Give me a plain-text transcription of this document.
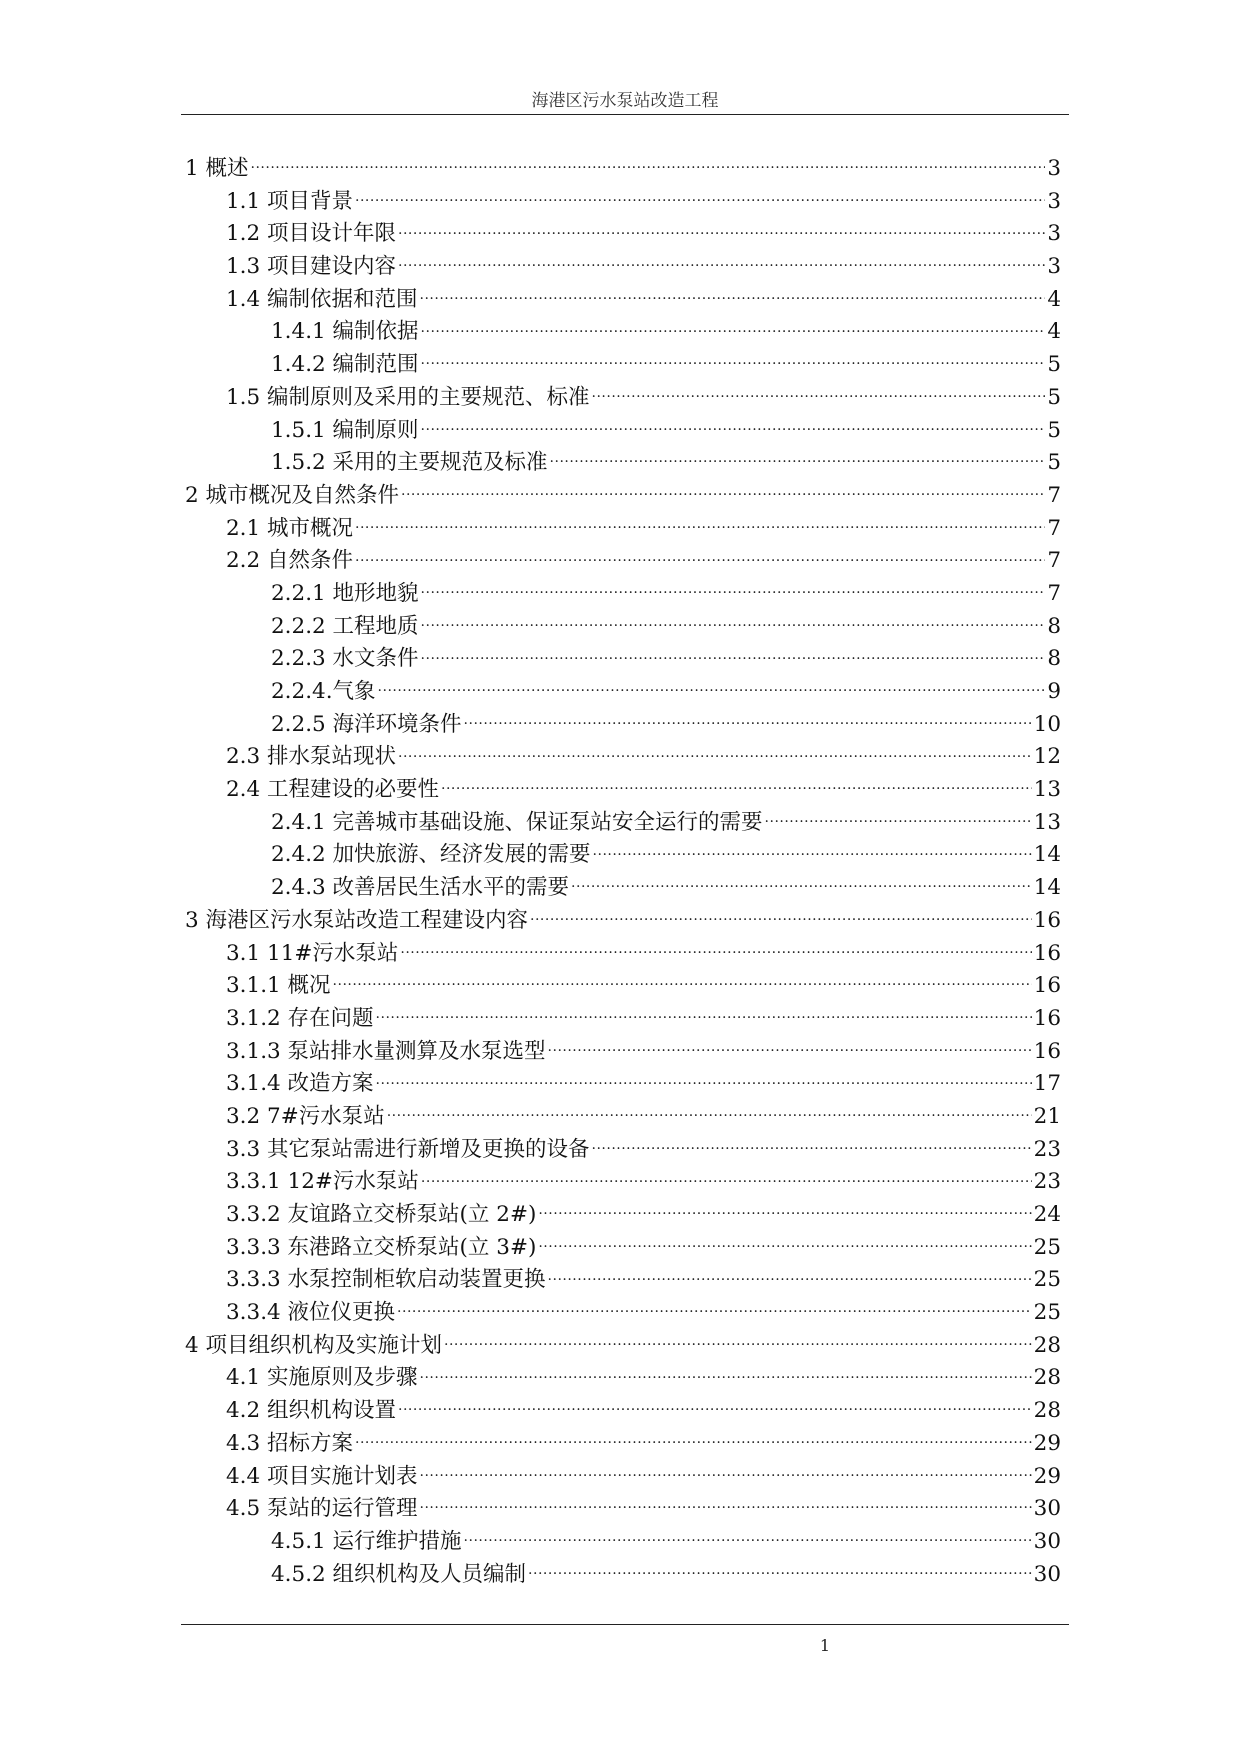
海港区污水泵站改造工程
1 概述 .....	3
1.1 项目背景 .....	3
1.2 项目设计年限 .....	3
1.3 项目建设内容 .....	3
1.4 编制依据和范围 .....	4
1.4.1 编制依据 .....	4
1.4.2 编制范围 .....	5
1.5 编制原则及采用的主要规范、标准 .....	5
1.5.1 编制原则 .....	5
1.5.2 采用的主要规范及标准 .....	5
2 城市概况及自然条件 .....	7
2.1 城市概况 .....	7
2.2 自然条件 .....	7
2.2.1 地形地貌 .....	7
2.2.2 工程地质 .....	8
2.2.3 水文条件 .....	8
2.2.4.气象 .....	9
2.2.5 海洋环境条件 .....	10
2.3 排水泵站现状 .....	12
2.4 工程建设的必要性 .....	13
2.4.1 完善城市基础设施、保证泵站安全运行的需要 .....	13
2.4.2 加快旅游、经济发展的需要 .....	14
2.4.3 改善居民生活水平的需要 .....	14
3 海港区污水泵站改造工程建设内容 .....	16
3.1 11#污水泵站 .....	16
3.1.1 概况 .....	16
3.1.2 存在问题 .....	16
3.1.3 泵站排水量测算及水泵选型 .....	16
3.1.4 改造方案 .....	17
3.2 7#污水泵站 .....	21
3.3 其它泵站需进行新增及更换的设备 .....	23
3.3.1 12#污水泵站 .....	23
3.3.2 友谊路立交桥泵站(立 2#) .....	24
3.3.3 东港路立交桥泵站(立 3#) .....	25
3.3.3 水泵控制柜软启动装置更换 .....	25
3.3.4 液位仪更换 .....	25
4 项目组织机构及实施计划 .....	28
4.1 实施原则及步骤 .....	28
4.2 组织机构设置 .....	28
4.3 招标方案 .....	29
4.4 项目实施计划表 .....	29
4.5 泵站的运行管理 .....	30
4.5.1 运行维护措施 .....	30
4.5.2 组织机构及人员编制 .....	30
1
